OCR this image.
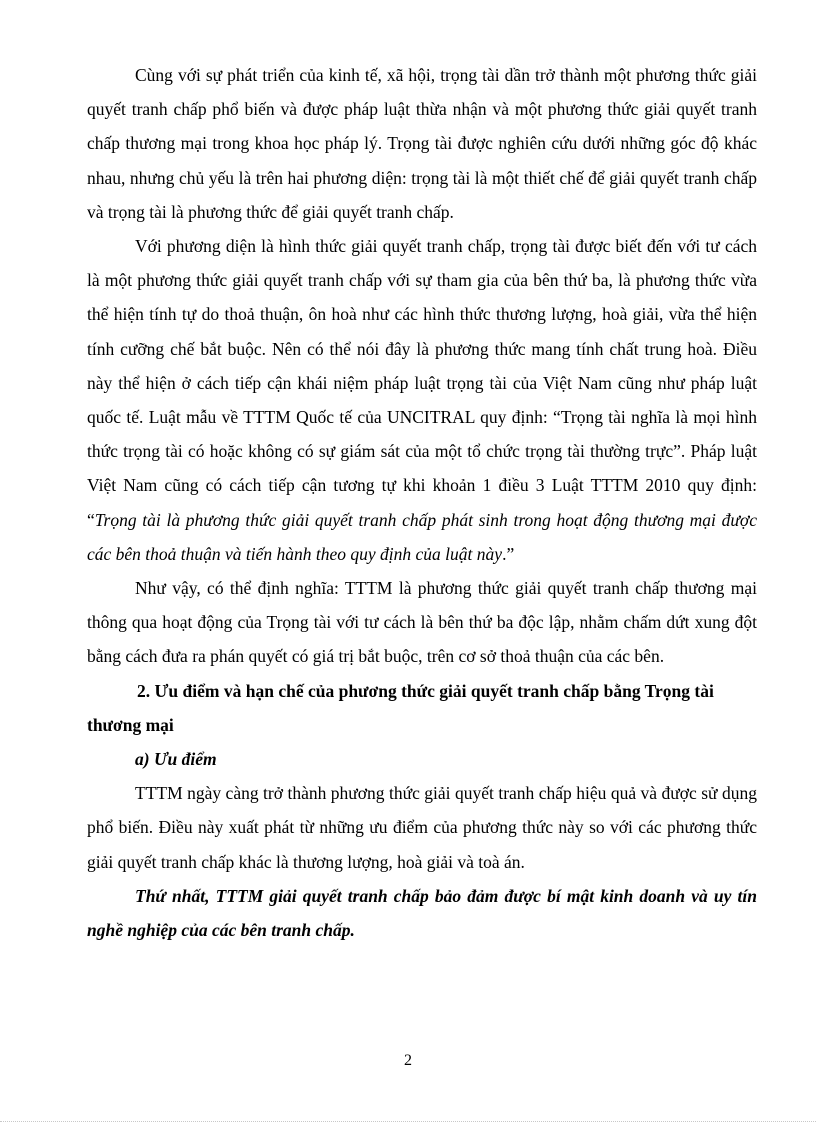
Cùng với sự phát triển của kinh tế, xã hội, trọng tài dần trở thành một phương thức giải quyết tranh chấp phổ biến và được pháp luật thừa nhận và một phương thức giải quyết tranh chấp thương mại trong khoa học pháp lý. Trọng tài được nghiên cứu dưới những góc độ khác nhau, nhưng chủ yếu là trên hai phương diện: trọng tài là một thiết chế để giải quyết tranh chấp và trọng tài là phương thức để giải quyết tranh chấp.

Với phương diện là hình thức giải quyết tranh chấp, trọng tài được biết đến với tư cách là một phương thức giải quyết tranh chấp với sự tham gia của bên thứ ba, là phương thức vừa thể hiện tính tự do thoả thuận, ôn hoà như các hình thức thương lượng, hoà giải, vừa thể hiện tính cưỡng chế bắt buộc. Nên có thể nói đây là phương thức mang tính chất trung hoà. Điều này thể hiện ở cách tiếp cận khái niệm pháp luật trọng tài của Việt Nam cũng như pháp luật quốc tế. Luật mẫu về TTTM Quốc tế của UNCITRAL quy định: “Trọng tài nghĩa là mọi hình thức trọng tài có hoặc không có sự giám sát của một tổ chức trọng tài thường trực”. Pháp luật Việt Nam cũng có cách tiếp cận tương tự khi khoản 1 điều 3 Luật TTTM 2010 quy định: “Trọng tài là phương thức giải quyết tranh chấp phát sinh trong hoạt động thương mại được các bên thoả thuận và tiến hành theo quy định của luật này.”

Như vậy, có thể định nghĩa: TTTM là phương thức giải quyết tranh chấp thương mại thông qua hoạt động của Trọng tài với tư cách là bên thứ ba độc lập, nhằm chấm dứt xung đột bằng cách đưa ra phán quyết có giá trị bắt buộc, trên cơ sở thoả thuận của các bên.

2. Ưu điểm và hạn chế của phương thức giải quyết tranh chấp bằng Trọng tài thương mại

a) Ưu điểm

TTTM ngày càng trở thành phương thức giải quyết tranh chấp hiệu quả và được sử dụng phổ biến. Điều này xuất phát từ những ưu điểm của phương thức này so với các phương thức giải quyết tranh chấp khác là thương lượng, hoà giải và toà án.

Thứ nhất, TTTM giải quyết tranh chấp bảo đảm được bí mật kinh doanh và uy tín nghề nghiệp của các bên tranh chấp.

2
